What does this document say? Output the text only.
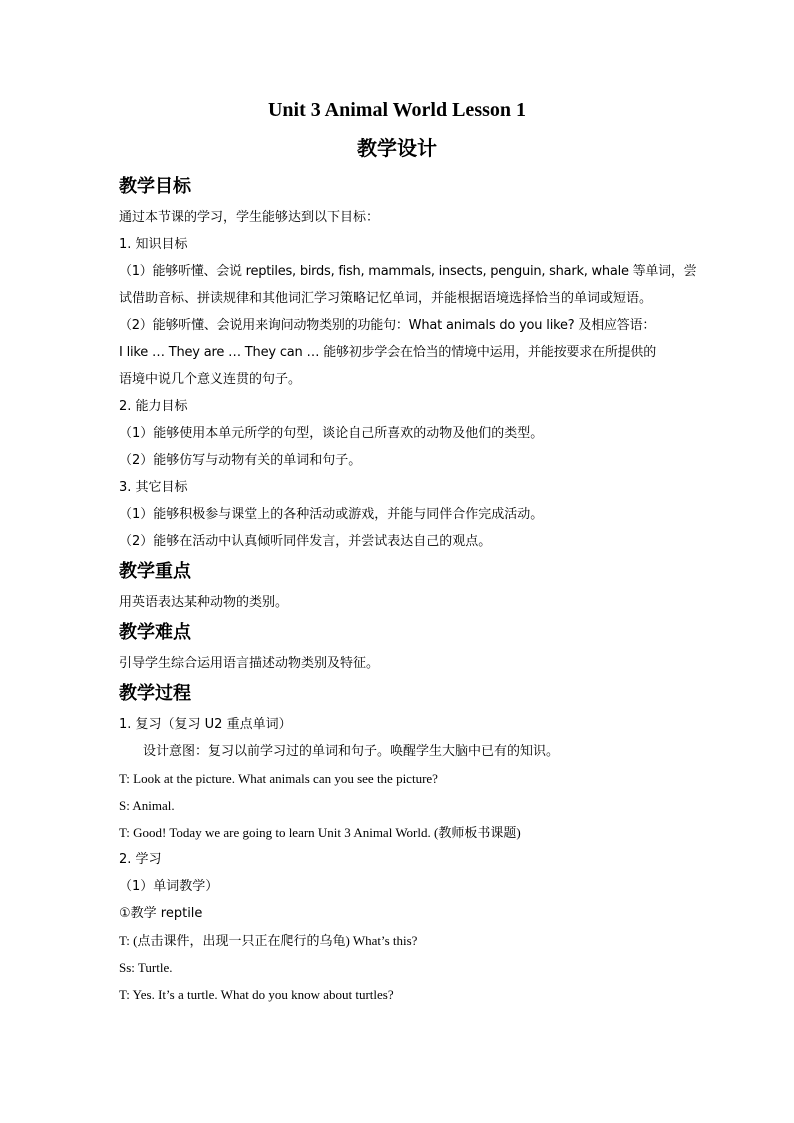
Unit 3 Animal World Lesson 1
教学设计

教学目标

通过本节课的学习，学生能够达到以下目标：

1. 知识目标

（1）能够听懂、会说 reptiles, birds, fish, mammals, insects, penguin, shark, whale 等单词，尝

试借助音标、拼读规律和其他词汇学习策略记忆单词，并能根据语境选择恰当的单词或短语。

（2）能够听懂、会说用来询问动物类别的功能句：What animals do you like? 及相应答语：

I like … They are … They can … 能够初步学会在恰当的情境中运用，并能按要求在所提供的

语境中说几个意义连贯的句子。

2. 能力目标

（1）能够使用本单元所学的句型，谈论自己所喜欢的动物及他们的类型。

（2）能够仿写与动物有关的单词和句子。

3. 其它目标

（1）能够积极参与课堂上的各种活动或游戏，并能与同伴合作完成活动。

（2）能够在活动中认真倾听同伴发言，并尝试表达自己的观点。

教学重点

用英语表达某种动物的类别。

教学难点

引导学生综合运用语言描述动物类别及特征。

教学过程

1. 复习（复习 U2 重点单词）

设计意图：复习以前学习过的单词和句子。唤醒学生大脑中已有的知识。

T: Look at the picture. What animals can you see the picture?

S: Animal.

T: Good! Today we are going to learn Unit 3 Animal World. (教师板书课题)

2. 学习

（1）单词教学）

①教学 reptile

T: (点击课件，出现一只正在爬行的乌龟) What’s this?

Ss: Turtle.

T: Yes. It’s a turtle. What do you know about turtles?
